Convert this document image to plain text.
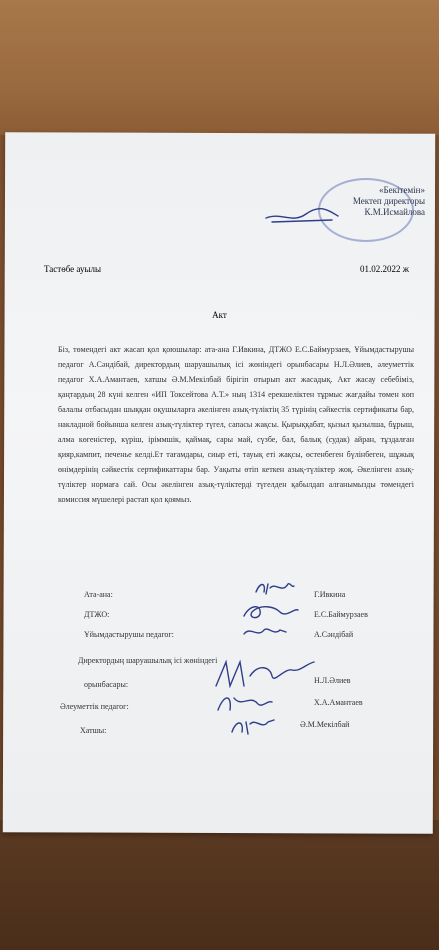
«Бекітемін»
Мектеп директоры
К.М.Исмайлова
Тастөбе ауылы	01.02.2022 ж
Акт
Біз, төмендегі акт жасап қол қоюшылар: ата-ана Г.Ивкина, ДТЖО Е.С.Баймурзаев, Ұйымдастырушы педагог А.Сәндібай, директордың шаруашылық ісі жөніндегі орынбасары Н.Л.Әлиев, әлеуметтік педагог Х.А.Амантаев, хатшы Ә.М.Мекілбай бірігіп отырып акт жасадық. Акт жасау себебіміз, қаңтардың 28 күні келген «ИП Токсейтова А.Т.» ның 1314 ерекшеліктен тұрмыс жағдайы төмен көп балалы отбасыдан шыққан оқушыларға әкелінген азық-түліктің 35 түрінің сәйкестік сертификаты бар, накладной бойынша келген азық-түліктер түгел, сапасы жақсы. Қырыққабат, қызыл қызылша, бұрыш, алма көгеністер, күріш, іріммшік, қаймақ, сары май, сүзбе, бал, балық (судак) айран, тұздалған қияр,кампит, печенье келді.Ет тағамдары, сиыр еті, тауық еті жақсы, өстенбеген бүлінбеген, шұжық өнімдерінің сәйкестік сертификаттары бар. Уақыты өтіп кеткен азық-түліктер жоқ. Әкелінген азық-түліктер нормаға сай. Осы әкелінген азық-түліктерді түгелден қабылдап алғанымызды төмендегі комиссия мүшелері растап қол қоямыз.
Ата-ана:	Г.Ивкина
ДТЖО:	Е.С.Баймурзаев
Ұйымдастырушы педагог:	А.Сәндібай
Директордың шаруашылық ісі жөніндегі
орынбасары:	Н.Л.Әлиев
Әлеуметтік педагог:	Х.А.Амантаев
Хатшы:
Ә.М.Мекілбай
